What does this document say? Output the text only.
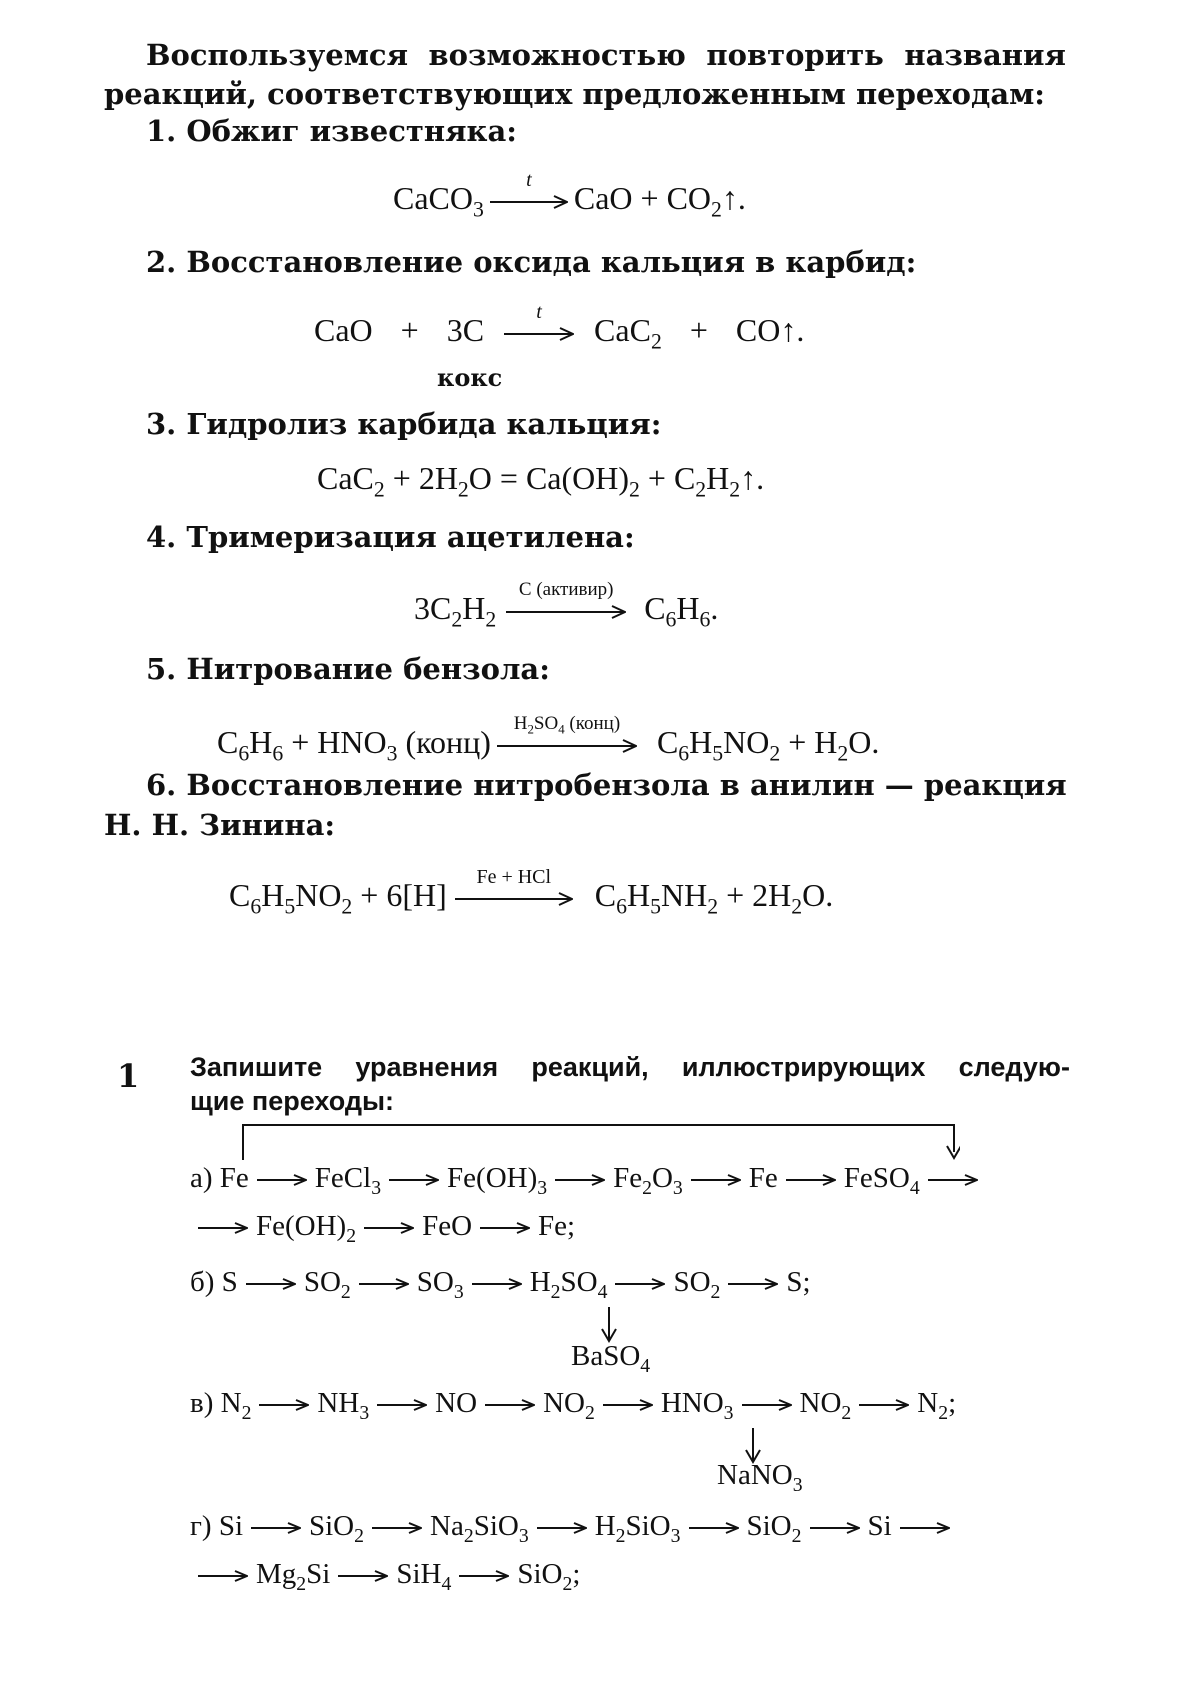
Воспользуемся возможностью повторить названия
реакций, соответствующих предложенным переходам:
1. Обжиг известняка:
CaCO$_3$
t
CaO + $CO_2↑$.
2. Восстановление оксида кальция в карбид:
CaO  +  3C
t
CaC$_2$  +  CO↑.
кокс
3. Гидролиз карбида кальция:
$CaC_2 + 2H_2O = Ca(OH)_2$ + $C_2H_2↑$.
4. Тримеризация ацетилена:
$3C_2H_2$
С (активир)
$C_6H_6$.
5. Нитрование бензола:
$C_6H_6 + HNO_3$ (конц)
$H_2SO_4$ (конц)
$C_6H_5NO_2 + H_2O$.
6. Восстановление нитробензола в анилин — реакция
Н. Н. Зинина:
$C_6H_5NO_2 + 6[H]$
Fe + HCl
$C_6H_5NH_2 + 2H_2O$.
1 Запишите уравнения реакций, иллюстрирующих следую-
щие переходы:
а) Fe FeCl$_3$ $Fe(OH)_3$ $Fe_2O_3$ Fe FeSO$_4$
$Fe(OH)_2$ FeO Fe;
б) S $SO_2$ $SO_3$ $H_2SO_4$ $SO_2$ S;
BaSO$_4$
в) $N_2$ $NH_3$ NO $NO_2$ $HNO_3$ $NO_2$ $N_2$;
NaNO$_3$
г) Si SiO$_2$ $Na_2SiO_3$ $H_2SiO_3$ SiO$_2$ Si
$Mg_2Si$ SiH$_4$ SiO$_2$;
